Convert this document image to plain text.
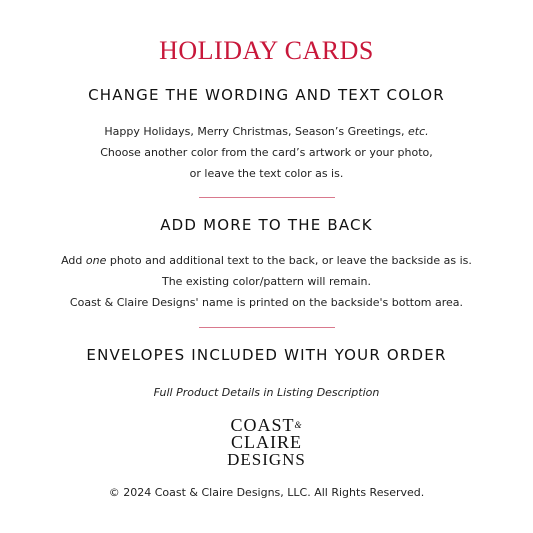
HOLIDAY CARDS
CHANGE THE WORDING AND TEXT COLOR

Happy Holidays, Merry Christmas, Season’s Greetings, etc.

Choose another color from the card’s artwork or your photo,

or leave the text color as is.

ADD MORE TO THE BACK

Add one photo and additional text to the back, or leave the backside as is.

The existing color/pattern will remain.

Coast & Claire Designs' name is printed on the backside's bottom area.

ENVELOPES INCLUDED WITH YOUR ORDER
Full Product Details in Listing Description
COAST&
CLAIRE
DESIGNS
© 2024 Coast & Claire Designs, LLC. All Rights Reserved.
